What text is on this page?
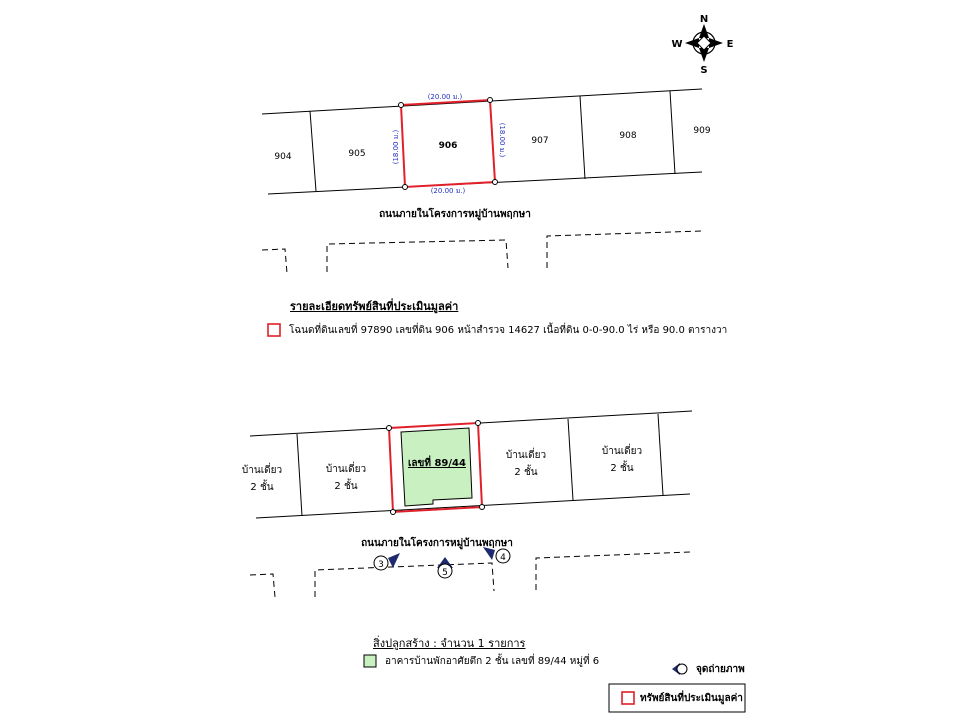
N
S
W	E
904	905
906	907	908	909
(20.00 ม.)
(20.00 ม.)
(18.00 ม.)	(18.00 ม.)
ถนนภายในโครงการหมู่บ้านพฤกษา
บ้านเดี่ยว
2 ชั้น
บ้านเดี่ยว
2 ชั้น
บ้านเดี่ยว
2 ชั้น
บ้านเดี่ยว
2 ชั้น
เลขที่ 89/44
ถนนภายในโครงการหมู่บ้านพฤกษา
3
5
4
รายละเอียดทรัพย์สินที่ประเมินมูลค่า
โฉนดที่ดินเลขที่ 97890 เลขที่ดิน 906 หน้าสำรวจ 14627 เนื้อที่ดิน 0-0-90.0 ไร่ หรือ 90.0 ตารางวา
สิ่งปลูกสร้าง : จำนวน 1 รายการ
อาคารบ้านพักอาศัยตึก 2 ชั้น เลขที่ 89/44 หมู่ที่ 6
จุดถ่ายภาพ
ทรัพย์สินที่ประเมินมูลค่า
